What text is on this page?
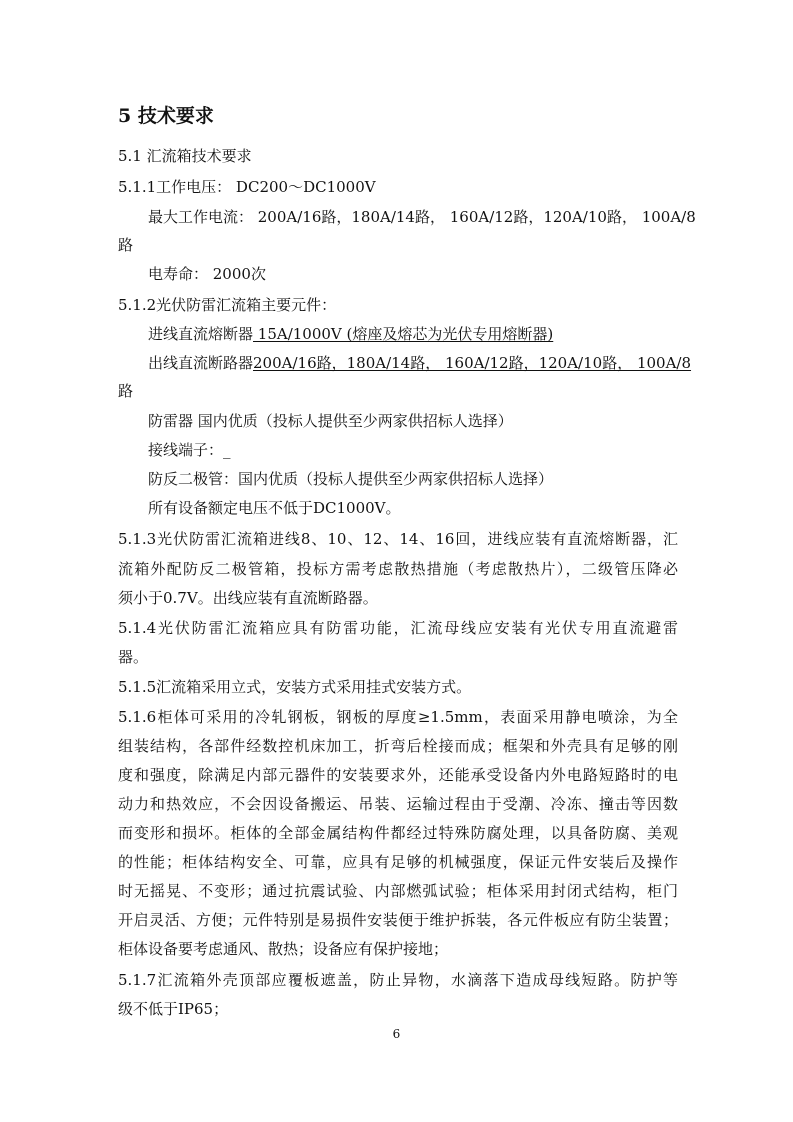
5 技术要求
5.1 汇流箱技术要求
5.1.1工作电压： DC200～DC1000V
最大工作电流： 200A/16路，180A/14路， 160A/12路，120A/10路， 100A/8
路
电寿命： 2000次
5.1.2光伏防雷汇流箱主要元件：
进线直流熔断器 15A/1000V (熔座及熔芯为光伏专用熔断器)
出线直流断路器200A/16路，180A/14路， 160A/12路，120A/10路， 100A/8
路
防雷器 国内优质（投标人提供至少两家供招标人选择）
接线端子：_
防反二极管：国内优质（投标人提供至少两家供招标人选择）
所有设备额定电压不低于DC1000V。
5.1.3光伏防雷汇流箱进线8、10、12、14、16回，进线应装有直流熔断器，汇
流箱外配防反二极管箱，投标方需考虑散热措施（考虑散热片），二级管压降必
须小于0.7V。出线应装有直流断路器。
5.1.4光伏防雷汇流箱应具有防雷功能，汇流母线应安装有光伏专用直流避雷
器。
5.1.5汇流箱采用立式，安装方式采用挂式安装方式。
5.1.6柜体可采用的冷轧钢板，钢板的厚度≥1.5mm，表面采用静电喷涂，为全
组装结构，各部件经数控机床加工，折弯后栓接而成；框架和外壳具有足够的刚
度和强度，除满足内部元器件的安装要求外，还能承受设备内外电路短路时的电
动力和热效应，不会因设备搬运、吊装、运输过程由于受潮、冷冻、撞击等因数
而变形和损坏。柜体的全部金属结构件都经过特殊防腐处理，以具备防腐、美观
的性能；柜体结构安全、可靠，应具有足够的机械强度，保证元件安装后及操作
时无摇晃、不变形；通过抗震试验、内部燃弧试验；柜体采用封闭式结构，柜门
开启灵活、方便；元件特别是易损件安装便于维护拆装，各元件板应有防尘装置；
柜体设备要考虑通风、散热；设备应有保护接地；
5.1.7汇流箱外壳顶部应覆板遮盖，防止异物，水滴落下造成母线短路。防护等
级不低于IP65；
6
